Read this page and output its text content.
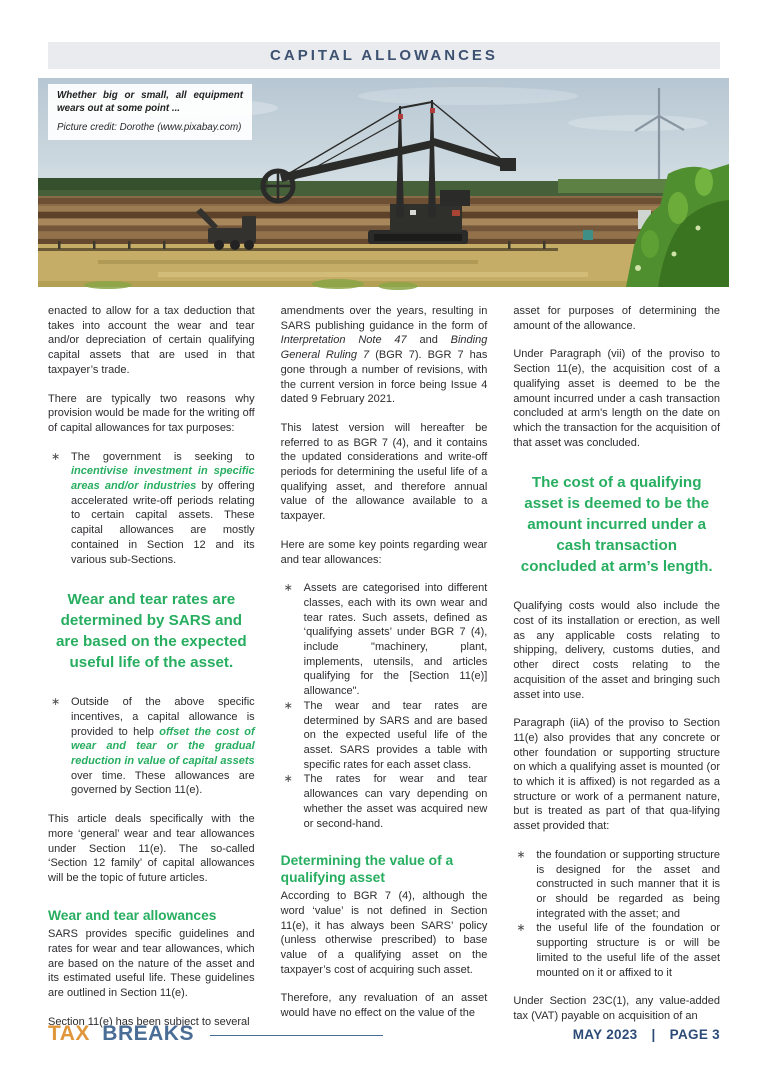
CAPITAL ALLOWANCES
Whether big or small, all equipment wears out at some point ...
Picture credit: Dorothe (www.pixabay.com)

enacted to allow for a tax deduction that takes into account the wear and tear and/or depreciation of certain qualifying capital assets that are used in that taxpayer’s trade.

There are typically two reasons why provision would be made for the writing off of capital allowances for tax purposes:

∗ The government is seeking to incentivise investment in specific areas and/or industries by offering accelerated write-off periods relating to certain capital assets. These capital allowances are mostly contained in Section 12 and its various sub-Sections.
Wear and tear rates are determined by SARS and are based on the expected useful life of the asset.
∗ Outside of the above specific incentives, a capital allowance is provided to help offset the cost of wear and tear or the gradual reduction in value of capital assets over time. These allowances are governed by Section 11(e).

This article deals specifically with the more ‘general’ wear and tear allowances under Section 11(e). The so-called ‘Section 12 family’ of capital allowances will be the topic of future articles.

Wear and tear allowances

SARS provides specific guidelines and rates for wear and tear allowances, which are based on the nature of the asset and its estimated useful life. These guidelines are outlined in Section 11(e).

Section 11(e) has been subject to several

amendments over the years, resulting in SARS publishing guidance in the form of Interpretation Note 47 and Binding General Ruling 7 (BGR 7). BGR 7 has gone through a number of revisions, with the current version in force being Issue 4 dated 9 February 2021.

This latest version will hereafter be referred to as BGR 7 (4), and it contains the updated considerations and write-off periods for determining the useful life of a qualifying asset, and therefore annual value of the allowance available to a taxpayer.

Here are some key points regarding wear and tear allowances:

∗ Assets are categorised into different classes, each with its own wear and tear rates. Such assets, defined as ‘qualifying assets’ under BGR 7 (4), include "machinery, plant, implements, utensils, and articles qualifying for the [Section 11(e)] allowance".
∗ The wear and tear rates are determined by SARS and are based on the expected useful life of the asset. SARS provides a table with specific rates for each asset class.
∗ The rates for wear and tear allowances can vary depending on whether the asset was acquired new or second-hand.
Determining the value of a qualifying asset

According to BGR 7 (4), although the word ‘value’ is not defined in Section 11(e), it has always been SARS’ policy (unless otherwise prescribed) to base value of a qualifying asset on the taxpayer’s cost of acquiring such asset.

Therefore, any revaluation of an asset would have no effect on the value of the

asset for purposes of determining the amount of the allowance.

Under Paragraph (vii) of the proviso to Section 11(e), the acquisition cost of a qualifying asset is deemed to be the amount incurred under a cash transaction concluded at arm's length on the date on which the transaction for the acquisition of that asset was concluded.

The cost of a qualifying asset is deemed to be the amount incurred under a cash transaction concluded at arm’s length.

Qualifying costs would also include the cost of its installation or erection, as well as any applicable costs relating to shipping, delivery, customs duties, and other direct costs relating to the acquisition of the asset and bringing such asset into use.

Paragraph (iiA) of the proviso to Section 11(e) also provides that any concrete or other foundation or supporting structure on which a qualifying asset is mounted (or to which it is affixed) is not regarded as a structure or work of a permanent nature, but is treated as part of that qua-lifying asset provided that:

∗ the foundation or supporting structure is designed for the asset and constructed in such manner that it is or should be regarded as being integrated with the asset; and
∗ the useful life of the foundation or supporting structure is or will be limited to the useful life of the asset mounted on it or affixed to it

Under Section 23C(1), any value-added tax (VAT) payable on acquisition of an

TAX BREAKS	MAY 2023 | PAGE 3
